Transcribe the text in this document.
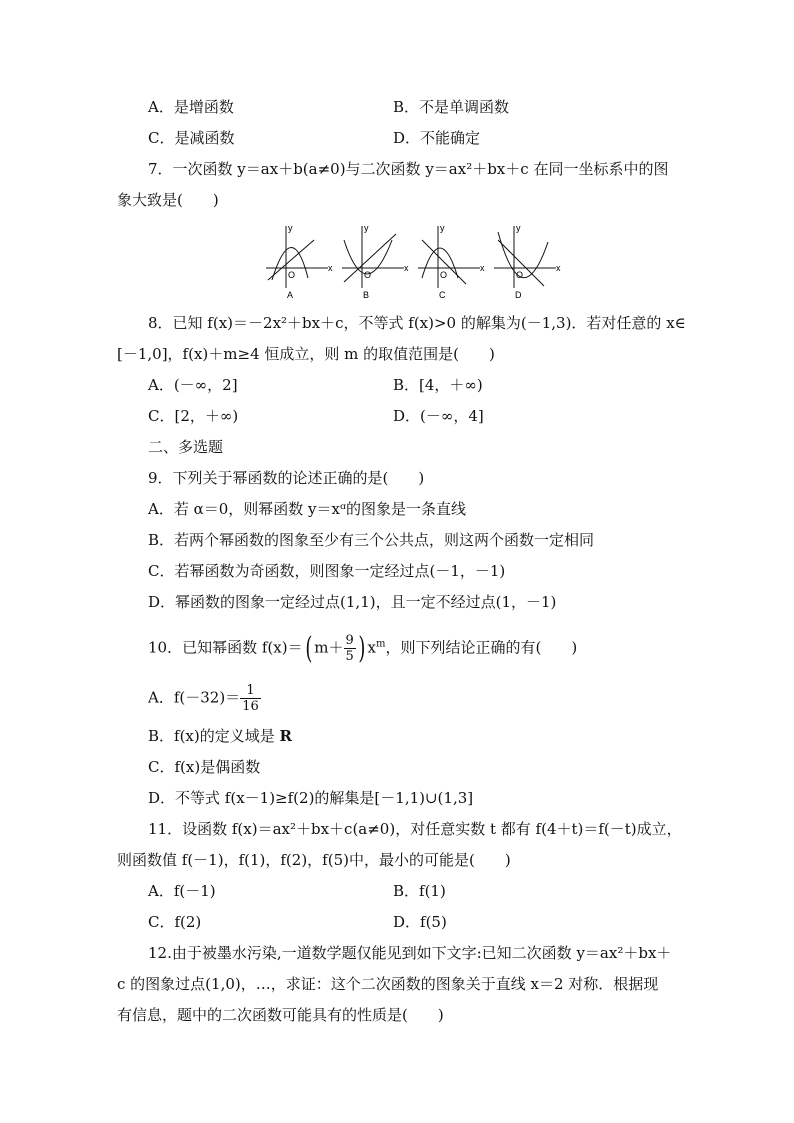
A．是增函数	B．不是单调函数
C．是减函数	D．不能确定
7．一次函数 y＝ax＋b(a≠0)与二次函数 y＝ax²＋bx＋c 在同一坐标系中的图
象大致是(　　)
y
x
O
A
y
x
O
B
y
x
O
C
y
x
O
D
8．已知 f(x)＝－2x²＋bx＋c，不等式 f(x)>0 的解集为(－1,3)．若对任意的 x∈
[－1,0]，f(x)＋m≥4 恒成立，则 m 的取值范围是(　　)
A．(－∞，2]	B．[4，＋∞)
C．[2，＋∞)	D．(－∞，4]
二、多选题
9．下列关于幂函数的论述正确的是(　　)
A．若 α＝0，则幂函数 y＝xᵅ的图象是一条直线
B．若两个幂函数的图象至少有三个公共点，则这两个函数一定相同
C．若幂函数为奇函数，则图象一定经过点(－1，－1)
D．幂函数的图象一定经过点(1,1)，且一定不经过点(1，－1)
10．已知幂函数 f(x)＝( $m+ \frac{9}{5}$ ) $x^m$，则下列结论正确的有(　　)
A．$f(-32)= \frac{1}{16}$
B．f(x)的定义域是 R
C．f(x)是偶函数
D．不等式 f(x－1)≥f(2)的解集是[－1,1)∪(1,3]
11．设函数 f(x)＝ax²＋bx＋c(a≠0)，对任意实数 t 都有 f(4＋t)＝f(－t)成立，
则函数值 f(－1)，f(1)，f(2)，f(5)中，最小的可能是(　　)
A．f(－1)	B．f(1)
C．f(2)	D．f(5)
12.由于被墨水污染,一道数学题仅能见到如下文字:已知二次函数 y＝ax²＋bx＋
c 的图象过点(1,0)，…，求证：这个二次函数的图象关于直线 x＝2 对称．根据现
有信息，题中的二次函数可能具有的性质是(　　)
